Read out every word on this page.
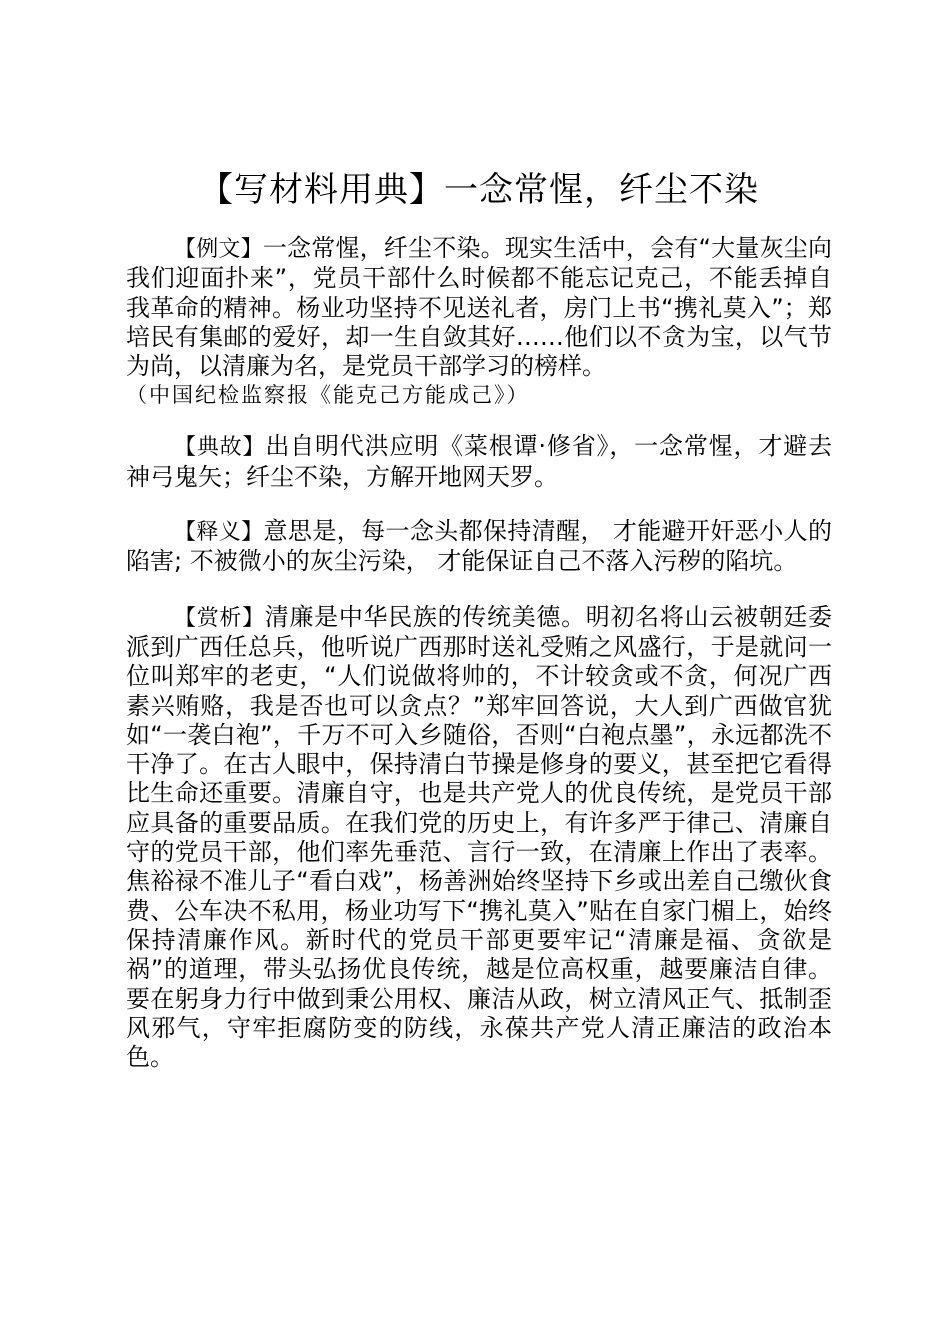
【写材料用典】一念常惺，纤尘不染

【例文】一念常惺，纤尘不染。现实生活中，会有“大量灰尘向我们迎面扑来”，党员干部什么时候都不能忘记克己，不能丢掉自我革命的精神。杨业功坚持不见送礼者，房门上书“携礼莫入”；郑培民有集邮的爱好，却一生自敛其好……他们以不贪为宝，以气节为尚，以清廉为名，是党员干部学习的榜样。
（中国纪检监察报《能克己方能成己》）

【典故】出自明代洪应明《菜根谭·修省》，一念常惺，才避去神弓鬼矢；纤尘不染，方解开地网天罗。

【释义】意思是，每一念头都保持清醒， 才能避开奸恶小人的陷害; 不被微小的灰尘污染， 才能保证自己不落入污秽的陷坑。

【赏析】清廉是中华民族的传统美德。明初名将山云被朝廷委派到广西任总兵，他听说广西那时送礼受贿之风盛行，于是就问一位叫郑牢的老吏，“人们说做将帅的，不计较贪或不贪，何况广西素兴贿赂，我是否也可以贪点？”郑牢回答说，大人到广西做官犹如“一袭白袍”，千万不可入乡随俗，否则“白袍点墨”，永远都洗不干净了。在古人眼中，保持清白节操是修身的要义，甚至把它看得比生命还重要。清廉自守，也是共产党人的优良传统，是党员干部应具备的重要品质。在我们党的历史上，有许多严于律己、清廉自守的党员干部，他们率先垂范、言行一致，在清廉上作出了表率。焦裕禄不准儿子“看白戏”，杨善洲始终坚持下乡或出差自己缴伙食费、公车决不私用，杨业功写下“携礼莫入”贴在自家门楣上，始终保持清廉作风。新时代的党员干部更要牢记“清廉是福、贪欲是祸”的道理，带头弘扬优良传统，越是位高权重，越要廉洁自律。要在躬身力行中做到秉公用权、廉洁从政，树立清风正气、抵制歪风邪气，守牢拒腐防变的防线，永葆共产党人清正廉洁的政治本色。
